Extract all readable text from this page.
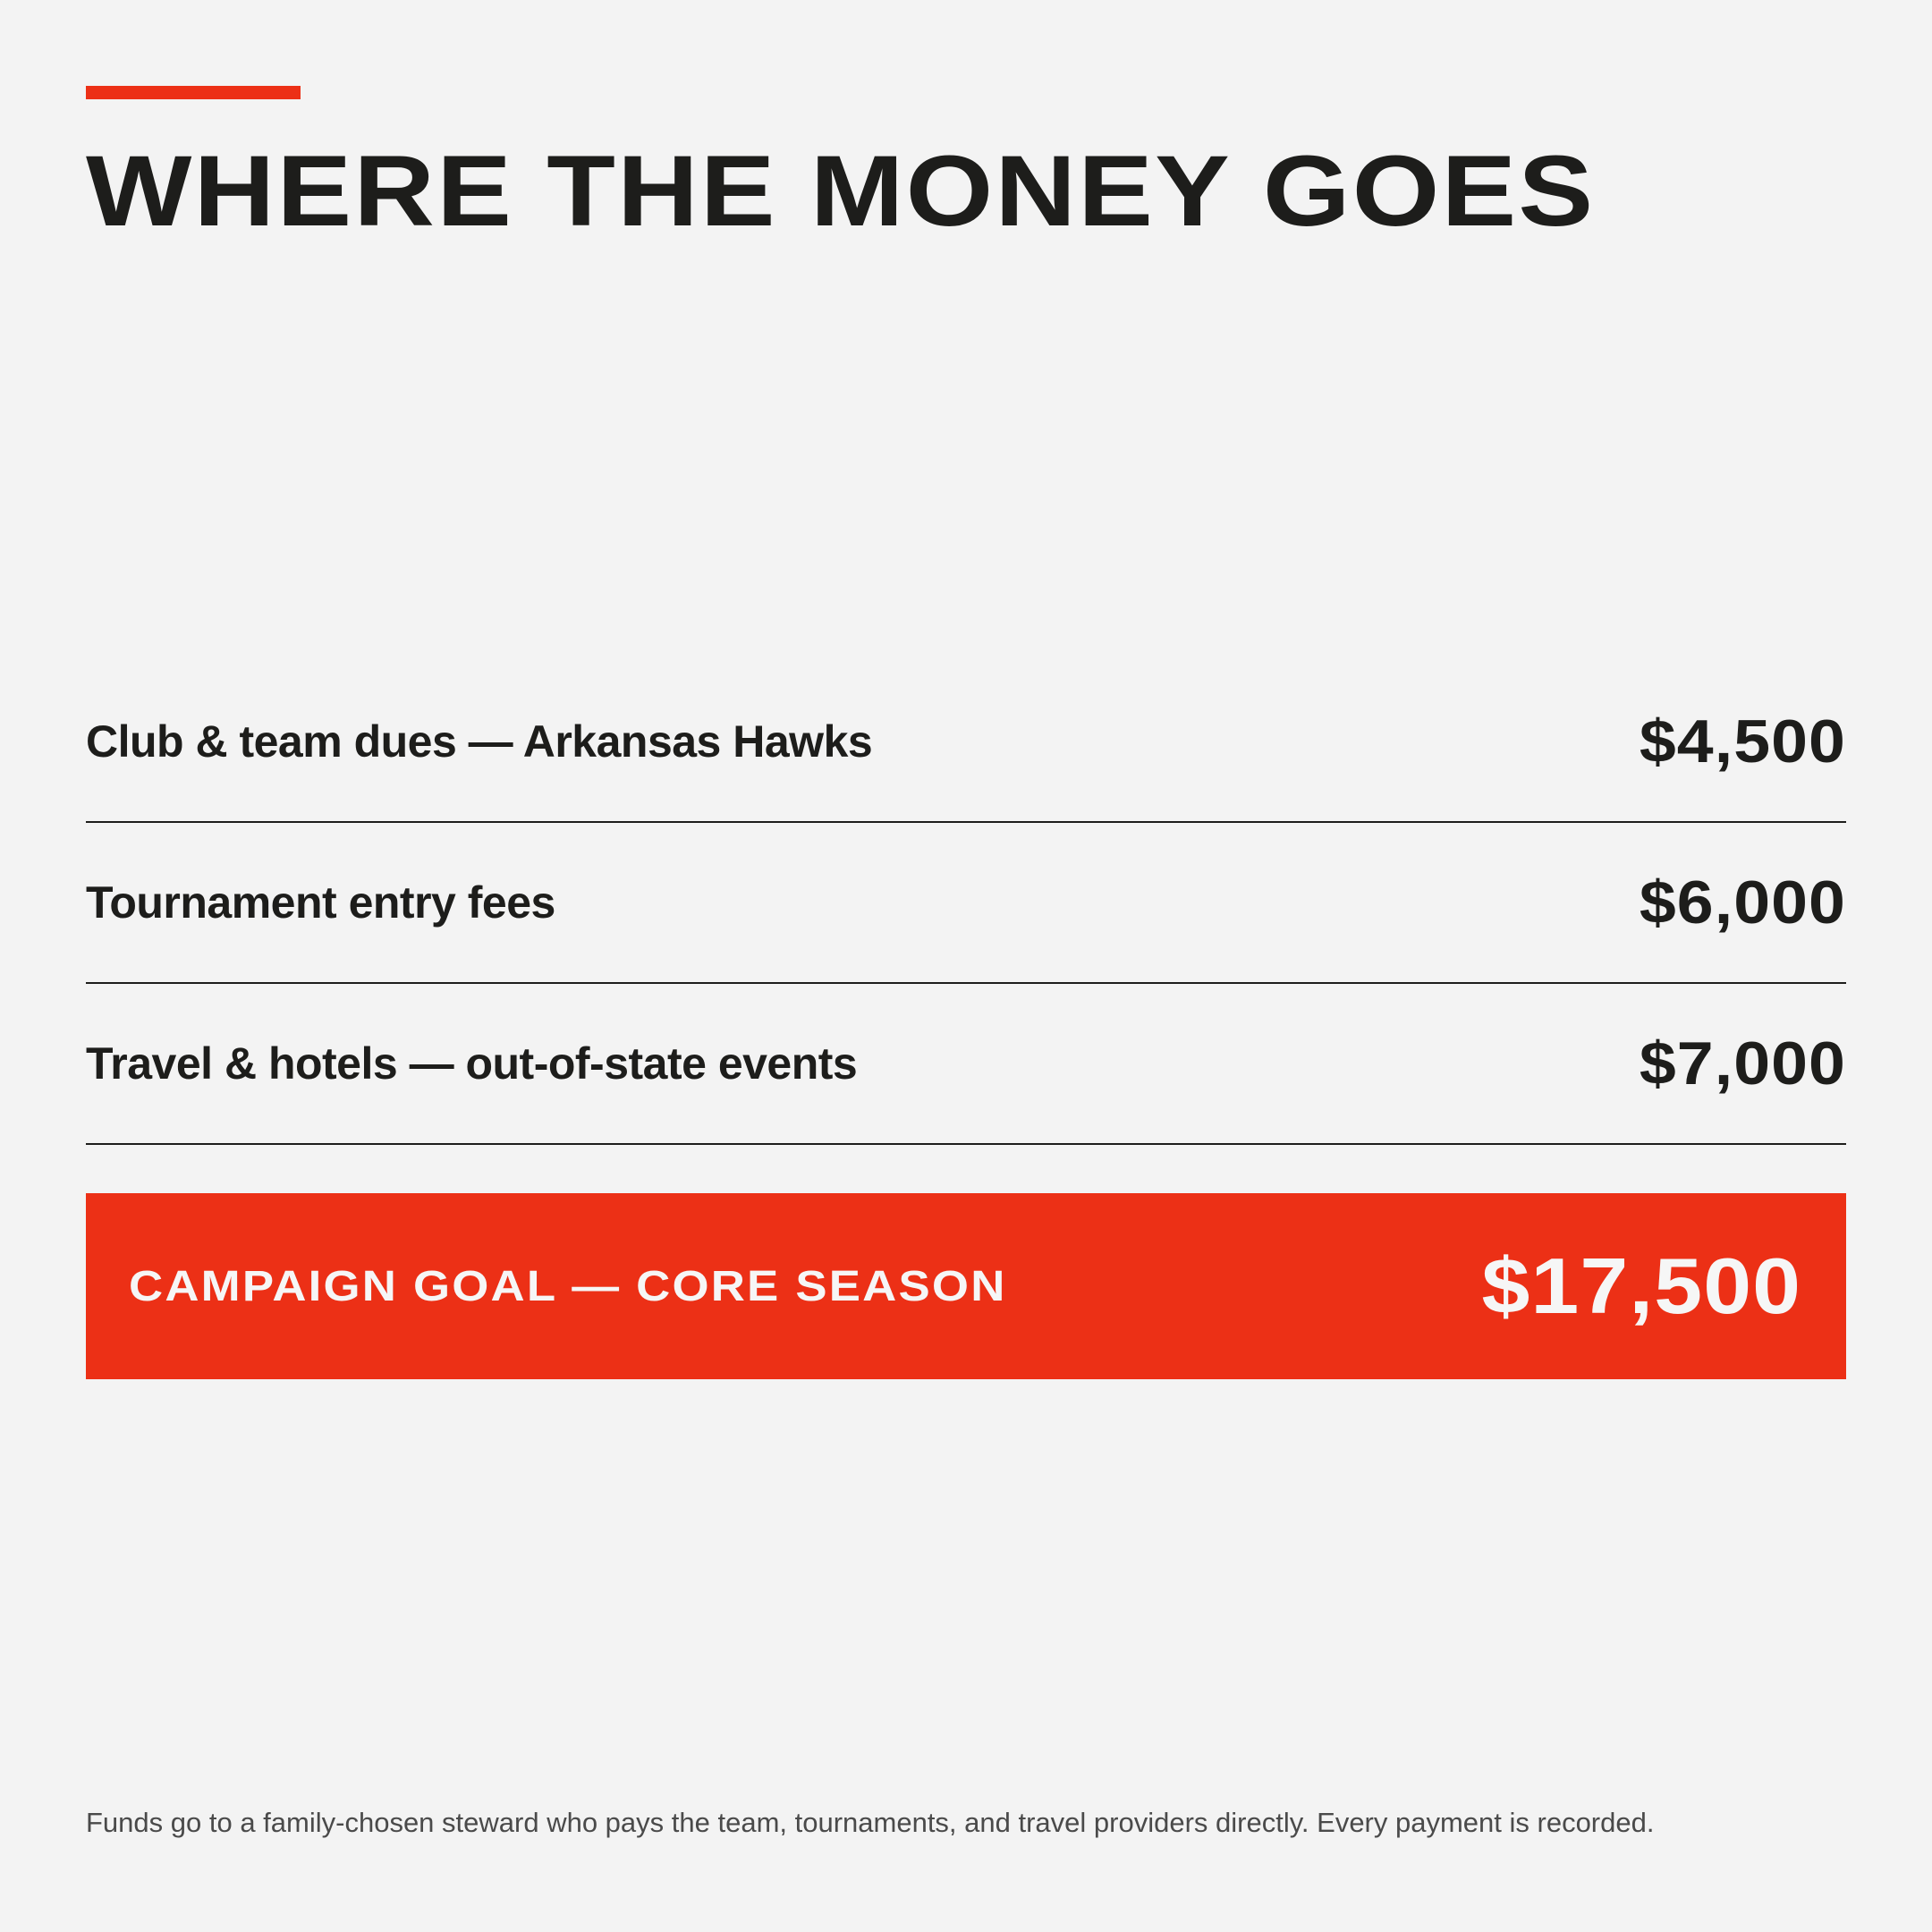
WHERE THE MONEY GOES
Club & team dues — Arkansas Hawks	$4,500
Tournament entry fees	$6,000
Travel & hotels — out-of-state events	$7,000
CAMPAIGN GOAL — CORE SEASON	$17,500

Funds go to a family-chosen steward who pays the team, tournaments, and travel providers directly. Every payment is recorded.
